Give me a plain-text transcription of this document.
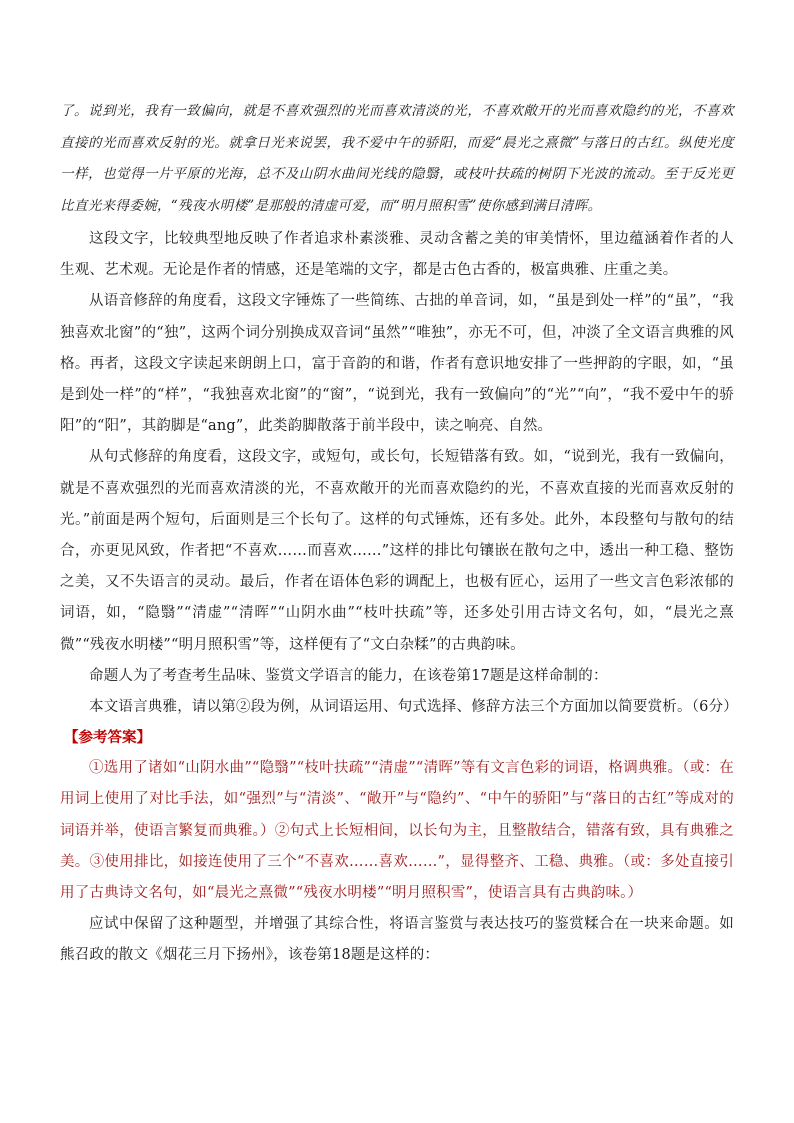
了。说到光，我有一致偏向，就是不喜欢强烈的光而喜欢清淡的光，不喜欢敞开的光而喜欢隐约的光，不喜欢直接的光而喜欢反射的光。就拿日光来说罢，我不爱中午的骄阳，而爱“晨光之熹微”与落日的古红。纵使光度一样，也觉得一片平原的光海，总不及山阴水曲间光线的隐翳，或枝叶扶疏的树阴下光波的流动。至于反光更比直光来得委婉，“残夜水明楼”是那般的清虚可爱，而“明月照积雪”使你感到满目清晖。

这段文字，比较典型地反映了作者追求朴素淡雅、灵动含蓄之美的审美情怀，里边蕴涵着作者的人生观、艺术观。无论是作者的情感，还是笔端的文字，都是古色古香的，极富典雅、庄重之美。

从语音修辞的角度看，这段文字锤炼了一些简练、古拙的单音词，如，“虽是到处一样”的“虽”，“我独喜欢北窗”的“独”，这两个词分别换成双音词“虽然”“唯独”，亦无不可，但，冲淡了全文语言典雅的风格。再者，这段文字读起来朗朗上口，富于音韵的和谐，作者有意识地安排了一些押韵的字眼，如，“虽是到处一样”的“样”，“我独喜欢北窗”的“窗”，“说到光，我有一致偏向”的“光”“向”，“我不爱中午的骄阳”的“阳”，其韵脚是“ang”，此类韵脚散落于前半段中，读之响亮、自然。

从句式修辞的角度看，这段文字，或短句，或长句，长短错落有致。如，“说到光，我有一致偏向，就是不喜欢强烈的光而喜欢清淡的光，不喜欢敞开的光而喜欢隐约的光，不喜欢直接的光而喜欢反射的光。”前面是两个短句，后面则是三个长句了。这样的句式锤炼，还有多处。此外，本段整句与散句的结合，亦更见风致，作者把“不喜欢……而喜欢……”这样的排比句镶嵌在散句之中，透出一种工稳、整饬之美，又不失语言的灵动。最后，作者在语体色彩的调配上，也极有匠心，运用了一些文言色彩浓郁的词语，如，“隐翳”“清虚”“清晖”“山阴水曲”“枝叶扶疏”等，还多处引用古诗文名句，如，“晨光之熹微”“残夜水明楼”“明月照积雪”等，这样便有了“文白杂糅”的古典韵味。

命题人为了考查考生品味、鉴赏文学语言的能力，在该卷第17题是这样命制的：

本文语言典雅，请以第②段为例，从词语运用、句式选择、修辞方法三个方面加以简要赏析。（6分）

【参考答案】

①选用了诸如“山阴水曲”“隐翳”“枝叶扶疏”“清虚”“清晖”等有文言色彩的词语，格调典雅。（或：在用词上使用了对比手法，如“强烈”与“清淡”、“敞开”与“隐约”、“中午的骄阳”与“落日的古红”等成对的词语并举，使语言繁复而典雅。）②句式上长短相间，以长句为主，且整散结合，错落有致，具有典雅之美。③使用排比，如接连使用了三个“不喜欢……喜欢……”，显得整齐、工稳、典雅。（或：多处直接引用了古典诗文名句，如“晨光之熹微”“残夜水明楼”“明月照积雪”，使语言具有古典韵味。）

应试中保留了这种题型，并增强了其综合性，将语言鉴赏与表达技巧的鉴赏糅合在一块来命题。如熊召政的散文《烟花三月下扬州》，该卷第18题是这样的：
